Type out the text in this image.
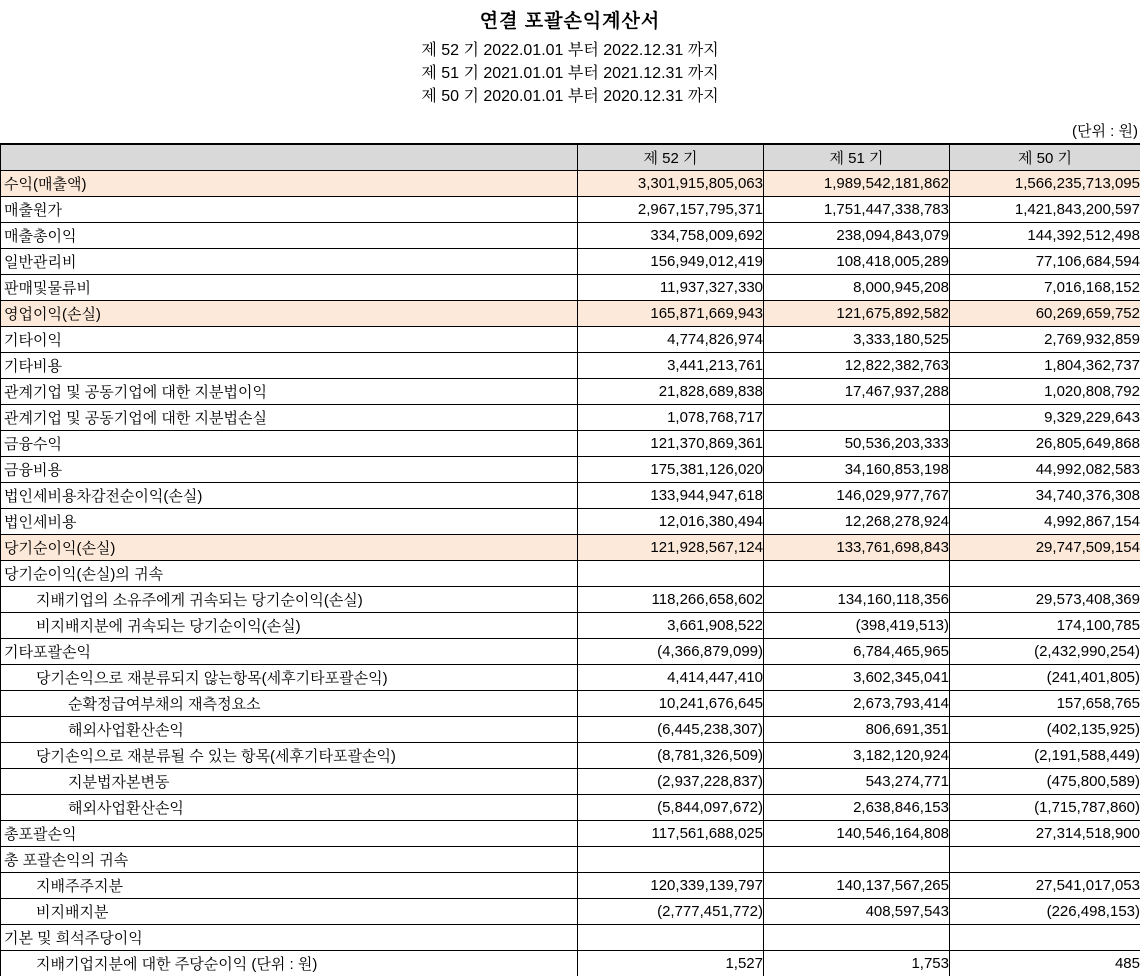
연결 포괄손익계산서
제 52 기 2022.01.01 부터 2022.12.31 까지
제 51 기 2021.01.01 부터 2021.12.31 까지
제 50 기 2020.01.01 부터 2020.12.31 까지
(단위 : 원)
	제 52 기	제 51 기	제 50 기
수익(매출액)	3,301,915,805,063	1,989,542,181,862	1,566,235,713,095
매출원가	2,967,157,795,371	1,751,447,338,783	1,421,843,200,597
매출총이익	334,758,009,692	238,094,843,079	144,392,512,498
일반관리비	156,949,012,419	108,418,005,289	77,106,684,594
판매및물류비	11,937,327,330	8,000,945,208	7,016,168,152
영업이익(손실)	165,871,669,943	121,675,892,582	60,269,659,752
기타이익	4,774,826,974	3,333,180,525	2,769,932,859
기타비용	3,441,213,761	12,822,382,763	1,804,362,737
관계기업 및 공동기업에 대한 지분법이익	21,828,689,838	17,467,937,288	1,020,808,792
관계기업 및 공동기업에 대한 지분법손실	1,078,768,717		9,329,229,643
금융수익	121,370,869,361	50,536,203,333	26,805,649,868
금융비용	175,381,126,020	34,160,853,198	44,992,082,583
법인세비용차감전순이익(손실)	133,944,947,618	146,029,977,767	34,740,376,308
법인세비용	12,016,380,494	12,268,278,924	4,992,867,154
당기순이익(손실)	121,928,567,124	133,761,698,843	29,747,509,154
당기순이익(손실)의 귀속			
지배기업의 소유주에게 귀속되는 당기순이익(손실)	118,266,658,602	134,160,118,356	29,573,408,369
비지배지분에 귀속되는 당기순이익(손실)	3,661,908,522	(398,419,513)	174,100,785
기타포괄손익	(4,366,879,099)	6,784,465,965	(2,432,990,254)
당기손익으로 재분류되지 않는항목(세후기타포괄손익)	4,414,447,410	3,602,345,041	(241,401,805)
순확정급여부채의 재측정요소	10,241,676,645	2,673,793,414	157,658,765
해외사업환산손익	(6,445,238,307)	806,691,351	(402,135,925)
당기손익으로 재분류될 수 있는 항목(세후기타포괄손익)	(8,781,326,509)	3,182,120,924	(2,191,588,449)
지분법자본변동	(2,937,228,837)	543,274,771	(475,800,589)
해외사업환산손익	(5,844,097,672)	2,638,846,153	(1,715,787,860)
총포괄손익	117,561,688,025	140,546,164,808	27,314,518,900
총 포괄손익의 귀속			
지배주주지분	120,339,139,797	140,137,567,265	27,541,017,053
비지배지분	(2,777,451,772)	408,597,543	(226,498,153)
기본 및 희석주당이익			
지배기업지분에 대한 주당순이익 (단위 : 원)	1,527	1,753	485
